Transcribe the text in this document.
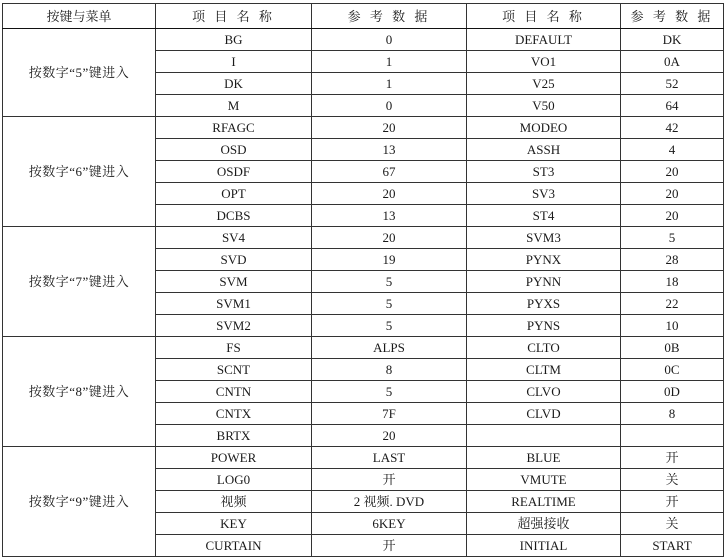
按键与菜单	项 目 名 称	参 考 数 据	项 目 名 称	参 考 数 据
按数字“5”键进入	BG	0	DEFAULT	DK
	I	1	VO1	0A
	DK	1	V25	52
	M	0	V50	64
按数字“6”键进入	RFAGC	20	MODEO	42
	OSD	13	ASSH	4
	OSDF	67	ST3	20
	OPT	20	SV3	20
	DCBS	13	ST4	20
按数字“7”键进入	SV4	20	SVM3	5
	SVD	19	PYNX	28
	SVM	5	PYNN	18
	SVM1	5	PYXS	22
	SVM2	5	PYNS	10
按数字“8”键进入	FS	ALPS	CLTO	0B
	SCNT	8	CLTM	0C
	CNTN	5	CLVO	0D
	CNTX	7F	CLVD	8
	BRTX	20		
按数字“9”键进入	POWER	LAST	BLUE	开
	LOG0	开	VMUTE	关
	视频	2 视频. DVD	REALTIME	开
	KEY	6KEY	超强接收	关
	CURTAIN	开	INITIAL	START
